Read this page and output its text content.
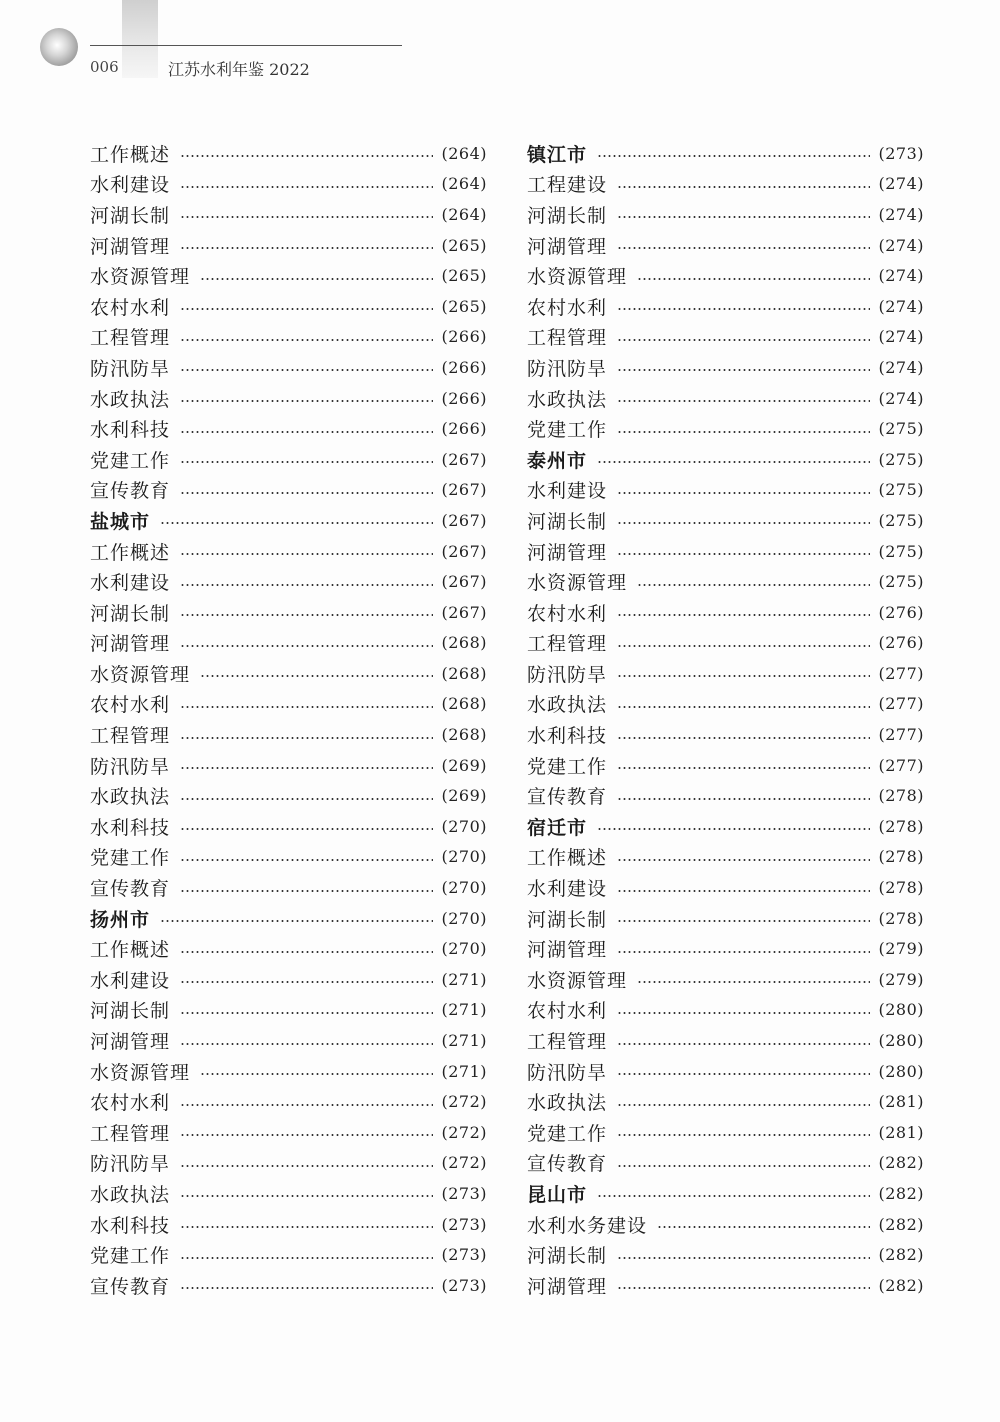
006	江苏水利年鉴 2022
工作概述	(264)
水利建设	(264)
河湖长制	(264)
河湖管理	(265)
水资源管理	(265)
农村水利	(265)
工程管理	(266)
防汛防旱	(266)
水政执法	(266)
水利科技	(266)
党建工作	(267)
宣传教育	(267)
盐城市	(267)
工作概述	(267)
水利建设	(267)
河湖长制	(267)
河湖管理	(268)
水资源管理	(268)
农村水利	(268)
工程管理	(268)
防汛防旱	(269)
水政执法	(269)
水利科技	(270)
党建工作	(270)
宣传教育	(270)
扬州市	(270)
工作概述	(270)
水利建设	(271)
河湖长制	(271)
河湖管理	(271)
水资源管理	(271)
农村水利	(272)
工程管理	(272)
防汛防旱	(272)
水政执法	(273)
水利科技	(273)
党建工作	(273)
宣传教育	(273)
镇江市	(273)
工程建设	(274)
河湖长制	(274)
河湖管理	(274)
水资源管理	(274)
农村水利	(274)
工程管理	(274)
防汛防旱	(274)
水政执法	(274)
党建工作	(275)
泰州市	(275)
水利建设	(275)
河湖长制	(275)
河湖管理	(275)
水资源管理	(275)
农村水利	(276)
工程管理	(276)
防汛防旱	(277)
水政执法	(277)
水利科技	(277)
党建工作	(277)
宣传教育	(278)
宿迁市	(278)
工作概述	(278)
水利建设	(278)
河湖长制	(278)
河湖管理	(279)
水资源管理	(279)
农村水利	(280)
工程管理	(280)
防汛防旱	(280)
水政执法	(281)
党建工作	(281)
宣传教育	(282)
昆山市	(282)
水利水务建设	(282)
河湖长制	(282)
河湖管理	(282)
